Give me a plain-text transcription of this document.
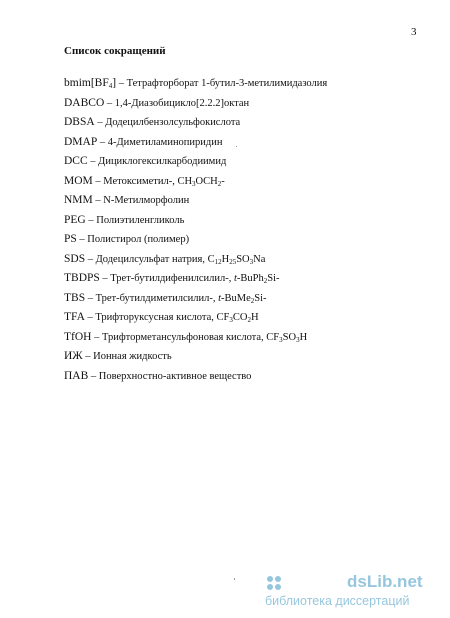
3
Список сокращений
$bmim[BF_4]$ – Тетрафторборат 1-бутил-3-метилимидазолия
DABCO – 1,4-Диазобицикло[2.2.2]октан
DBSA – Додецилбензолсульфокислота
DMAP – 4-Диметиламинопиридин
DCC – Дициклогексилкарбодиимид
MOM – Метоксиметил-, $CH_3OCH_2-$
NMM – N-Метилморфолин
PEG – Полиэтиленгликоль
PS – Полистирол (полимер)
SDS – Додецилсульфат натрия, $C_{12}H_{25}SO_3Na$
TBDPS – Трет-бутилдифенилсилил-, t-BuPh$_2$Si-
TBS – Трет-бутилдиметилсилил-, t-BuMe$_2$Si-
TFA – Трифторуксусная кислота, $CF_3CO_2H$
TfOH – Трифторметансульфоновая кислота, $CF_3SO_3H$
ИЖ – Ионная жидкость
ПАВ – Поверхностно-активное вещество
dsLib.net
библиотека диссертаций
